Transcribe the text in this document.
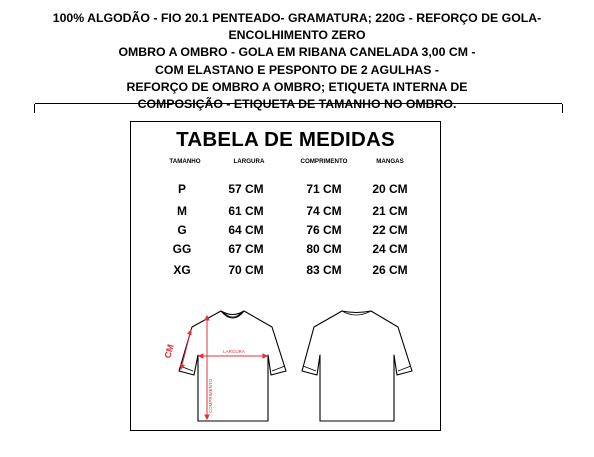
100% ALGODÃO - FIO 20.1 PENTEADO- GRAMATURA; 220G - REFORÇO DE GOLA-
ENCOLHIMENTO ZERO
OMBRO A OMBRO - GOLA EM RIBANA CANELADA 3,00 CM -
COM ELASTANO E PESPONTO DE 2 AGULHAS -
REFORÇO DE OMBRO A OMBRO; ETIQUETA INTERNA DE
COMPOSIÇÃO - ETIQUETA DE TAMANHO NO OMBRO.
TABELA DE MEDIDAS
TAMANHO	LARGURA	COMPRIMENTO	MANGAS
P	57 CM	71 CM	20 CM
M	61 CM	74 CM	21 CM
G	64 CM	76 CM	22 CM
GG	67 CM	80 CM	24 CM
XG	70 CM	83 CM	26 CM
LARGURA
COMPRIMENTO
CM
